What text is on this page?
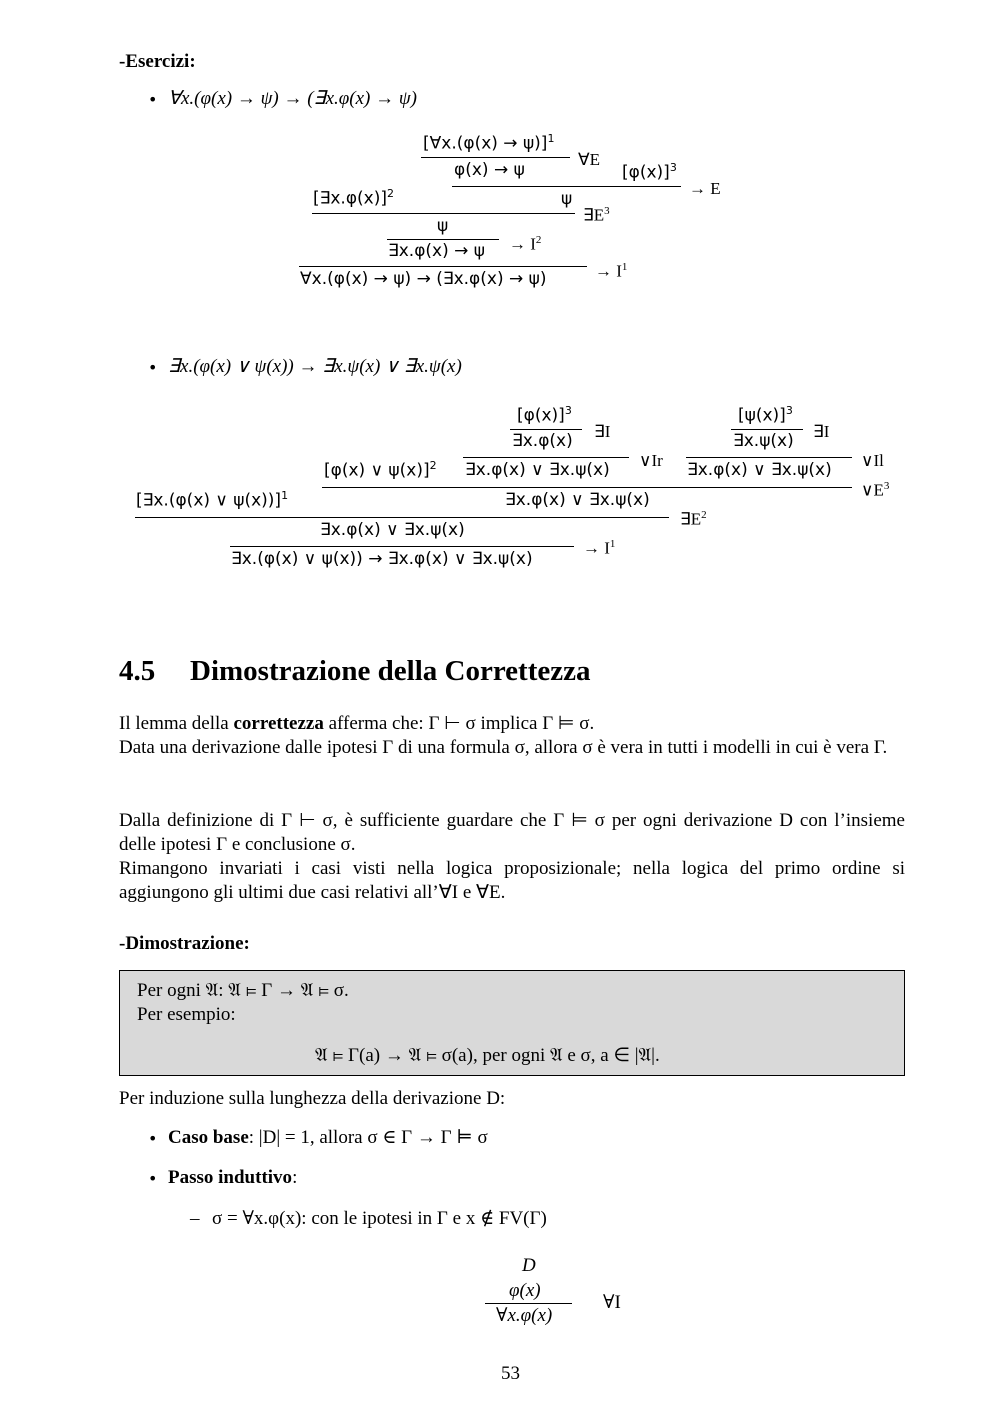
-Esercizi:
• ∀x.(φ(x) → ψ) → (∃x.φ(x) → ψ)
[∀x.(φ(x) → ψ)]$^1$
∀E
φ(x) → ψ	$[\varphi(x)]^3$
→ E
[∃x.φ(x)]$^2$	ψ
$\exists E^3$
ψ
∃x.φ(x) → $\psi \to I^2$
∀x.(φ(x) → ψ) → (∃x.φ(x) → ψ)	→ $I^1$
• ∃x.(φ(x) ∨ ψ(x)) → ∃x.ψ(x) ∨ ∃x.ψ(x)
$[\varphi(x)]^3$
∃I
∃x.φ(x)
∨Ir
∃x.φ(x) ∨ ∃x.ψ(x)
$[\psi(x)]^3$
∃I
∃x.ψ(x)
∨Il
∃x.φ(x) ∨ ∃x.ψ(x)
[φ(x) ∨ ψ(x)]$^2$
$\vee E^3$
∃x.φ(x) ∨ ∃x.ψ(x)
[∃x.(φ(x) ∨ ψ(x))]$^1$
$\exists E^2$
∃x.φ(x) ∨ ∃x.ψ(x)
→ $I^1$
∃x.(φ(x) ∨ ψ(x)) → ∃x.φ(x) ∨ ∃x.ψ(x)
4.5 Dimostrazione della Correttezza
Il lemma della correttezza afferma che: Γ ⊢ σ implica Γ ⊨ σ.
Data una derivazione dalle ipotesi Γ di una formula σ, allora σ è vera in tutti i modelli in cui è vera Γ.
Dalla definizione di Γ ⊢ σ, è sufficiente guardare che Γ ⊨ σ per ogni derivazione D con l’insieme delle ipotesi Γ e conclusione σ.
Rimangono invariati i casi visti nella logica proposizionale; nella logica del primo ordine si aggiungono gli ultimi due casi relativi all’∀I e ∀E.
-Dimostrazione:
Per ogni 𝔄: 𝔄 ⊨ Γ → 𝔄 ⊨ σ.
Per esempio:
𝔄 ⊨ Γ(a) → 𝔄 ⊨ σ(a), per ogni 𝔄 e σ, a ∈ |𝔄|.
Per induzione sulla lunghezza della derivazione D:
• Caso base: |D| = 1, allora σ ∈ Γ → Γ ⊨ σ
• Passo induttivo:
– σ = ∀x.φ(x): con le ipotesi in Γ e x ∉ FV(Γ)
D
φ(x)
∀x.φ(x)
∀I
53
